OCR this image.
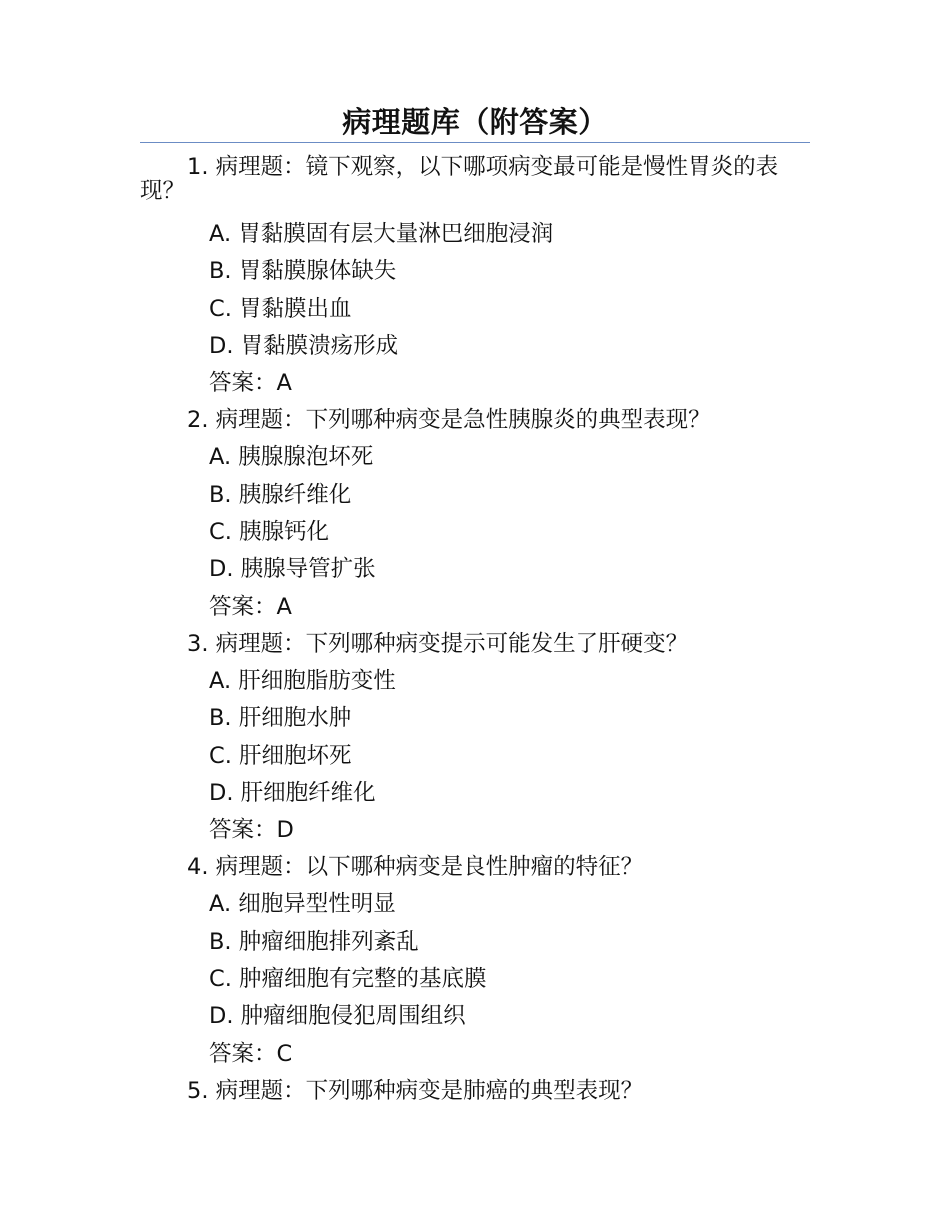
病理题库（附答案）
1. 病理题：镜下观察，以下哪项病变最可能是慢性胃炎的表现？
A. 胃黏膜固有层大量淋巴细胞浸润
B. 胃黏膜腺体缺失
C. 胃黏膜出血
D. 胃黏膜溃疡形成
答案：A
2. 病理题：下列哪种病变是急性胰腺炎的典型表现？
A. 胰腺腺泡坏死
B. 胰腺纤维化
C. 胰腺钙化
D. 胰腺导管扩张
答案：A
3. 病理题：下列哪种病变提示可能发生了肝硬变？
A. 肝细胞脂肪变性
B. 肝细胞水肿
C. 肝细胞坏死
D. 肝细胞纤维化
答案：D
4. 病理题：以下哪种病变是良性肿瘤的特征？
A. 细胞异型性明显
B. 肿瘤细胞排列紊乱
C. 肿瘤细胞有完整的基底膜
D. 肿瘤细胞侵犯周围组织
答案：C
5. 病理题：下列哪种病变是肺癌的典型表现？
